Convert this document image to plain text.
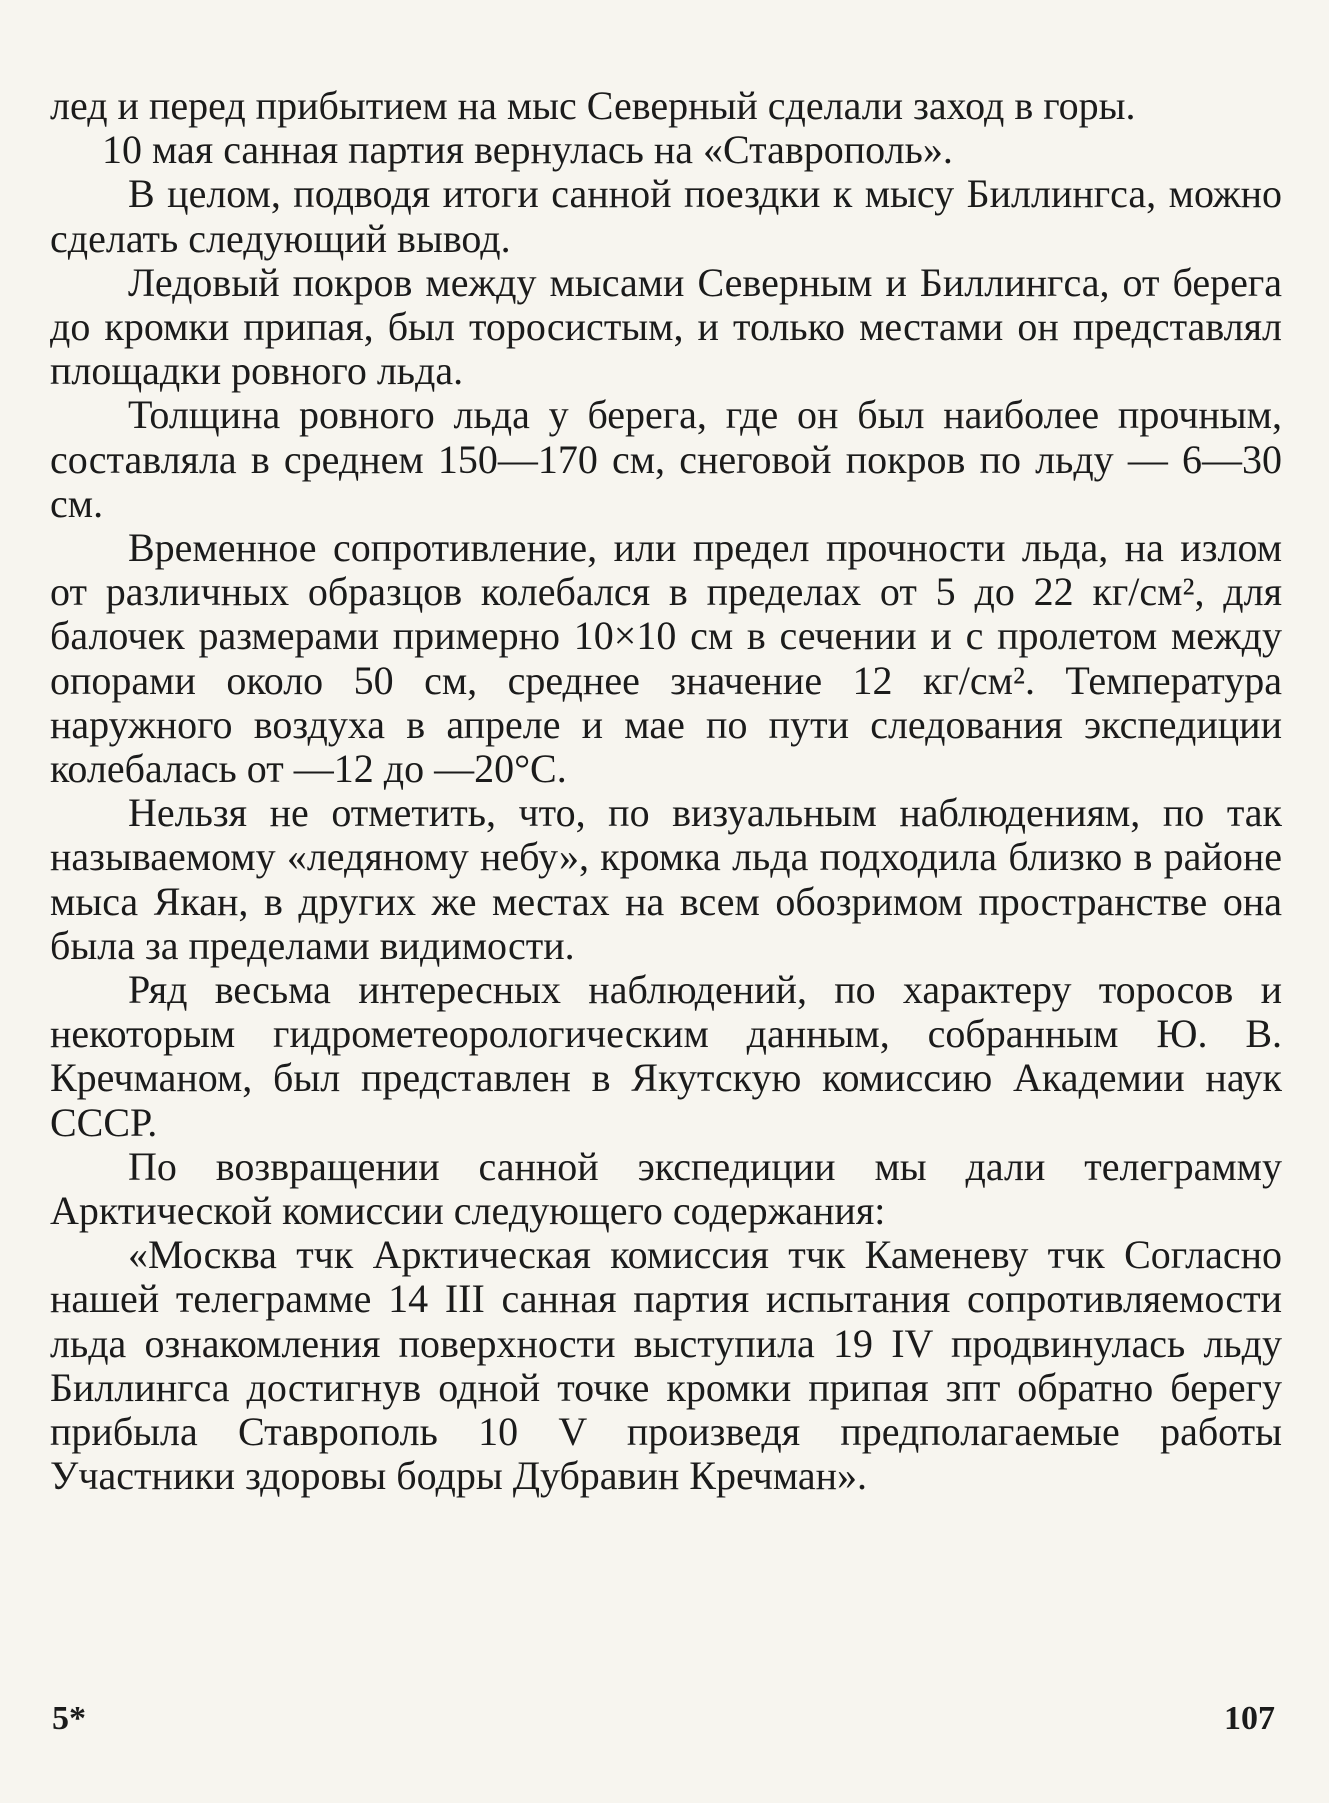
лед и перед прибытием на мыс Северный сделали заход в горы.

10 мая санная партия вернулась на «Ставрополь».

В целом, подводя итоги санной поездки к мысу Биллингса, можно сделать следующий вывод.

Ледовый покров между мысами Северным и Биллингса, от берега до кромки припая, был торосистым, и только местами он представлял площадки ровного льда.

Толщина ровного льда у берега, где он был наиболее прочным, составляла в среднем 150—170 см, снеговой покров по льду — 6—30 см.

Временное сопротивление, или предел прочности льда, на излом от различных образцов колебался в пределах от 5 до 22 кг/см², для балочек размерами примерно 10×10 см в сечении и с пролетом между опорами около 50 см, среднее значение 12 кг/см². Температура наружного воздуха в апреле и мае по пути следования экспедиции колебалась от —12 до —20°С.

Нельзя не отметить, что, по визуальным наблюдениям, по так называемому «ледяному небу», кромка льда подходила близко в районе мыса Якан, в других же местах на всем обозримом пространстве она была за пределами видимости.

Ряд весьма интересных наблюдений, по характеру торосов и некоторым гидрометеорологическим данным, собранным Ю. В. Кречманом, был представлен в Якутскую комиссию Академии наук СССР.

По возвращении санной экспедиции мы дали телеграмму Арктической комиссии следующего содержания:

«Москва тчк Арктическая комиссия тчк Каменеву тчк Согласно нашей телеграмме 14 III санная партия испытания сопротивляемости льда ознакомления поверхности выступила 19 IV продвинулась льду Биллингса достигнув одной точке кромки припая зпт обратно берегу прибыла Ставрополь 10 V произведя предполагаемые работы Участники здоровы бодры Дубравин Кречман».

5*	107
